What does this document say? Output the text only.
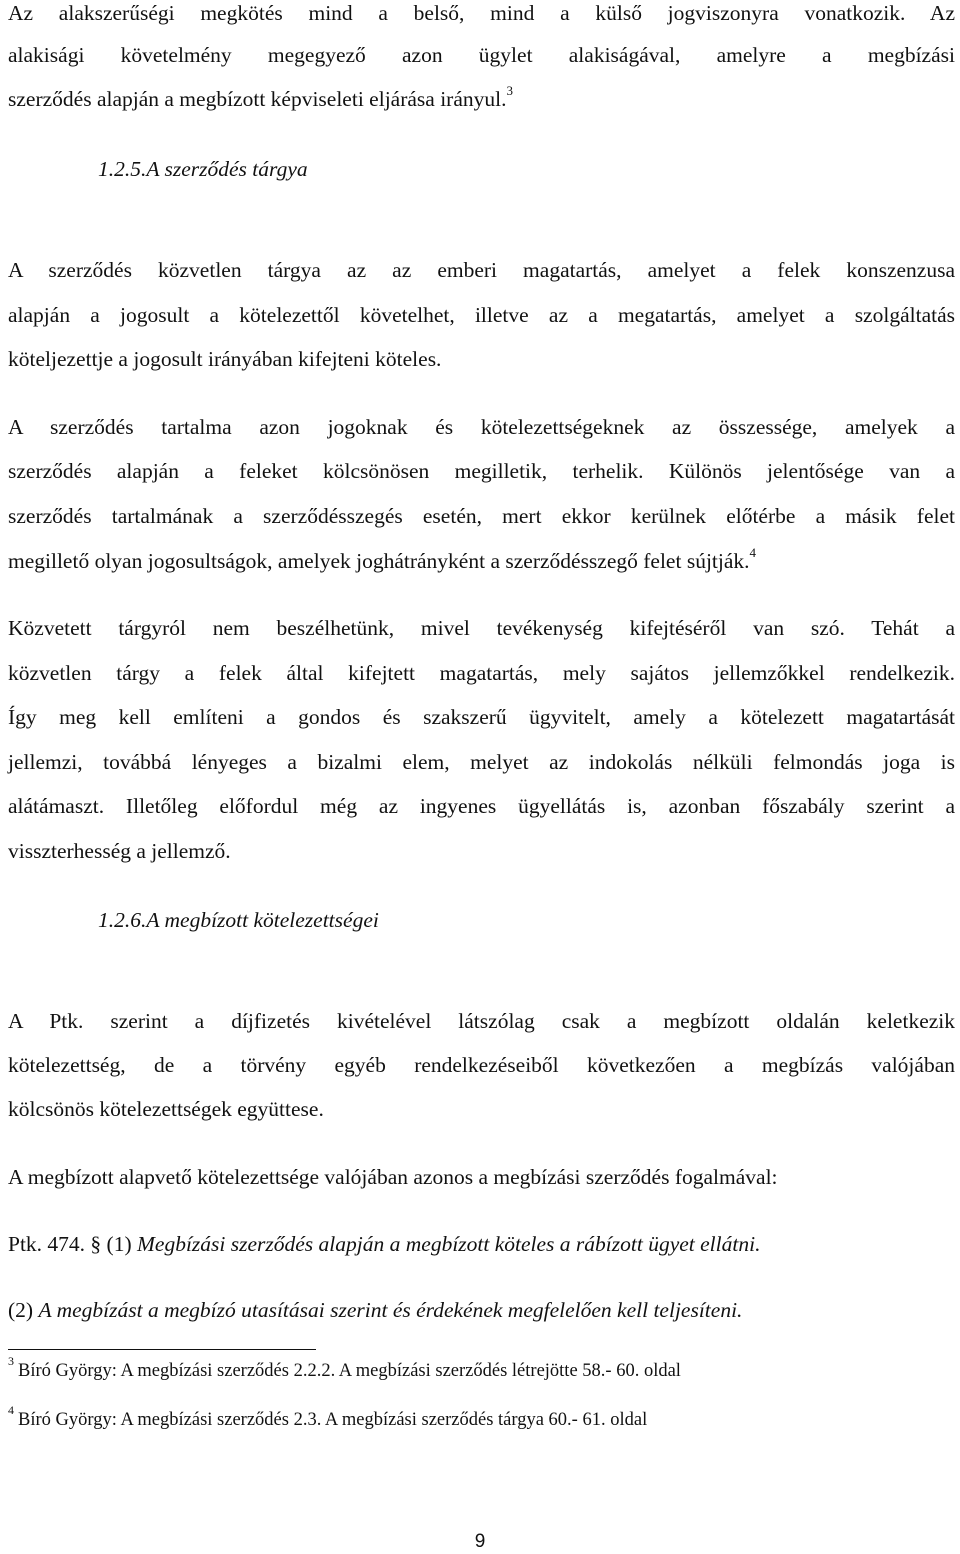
Az alakszerűségi megkötés mind a belső, mind a külső jogviszonyra vonatkozik. Az
alakisági követelmény megegyező azon ügylet alakiságával, amelyre a megbízási
szerződés alapján a megbízott képviseleti eljárása irányul.$^3$
1.2.5.A szerződés tárgya
A szerződés közvetlen tárgya az az emberi magatartás, amelyet a felek konszenzusa
alapján a jogosult a kötelezettől követelhet, illetve az a megatartás, amelyet a szolgáltatás
köteljezettje a jogosult irányában kifejteni köteles.
A szerződés tartalma azon jogoknak és kötelezettségeknek az összessége, amelyek a
szerződés alapján a feleket kölcsönösen megilletik, terhelik. Különös jelentősége van a
szerződés tartalmának a szerződésszegés esetén, mert ekkor kerülnek előtérbe a másik felet
megillető olyan jogosultságok, amelyek joghátrányként a szerződésszegő felet sújtják.$^4$
Közvetett tárgyról nem beszélhetünk, mivel tevékenység kifejtéséről van szó. Tehát a
közvetlen tárgy a felek által kifejtett magatartás, mely sajátos jellemzőkkel rendelkezik.
Így meg kell említeni a gondos és szakszerű ügyvitelt, amely a kötelezett magatartását
jellemzi, továbbá lényeges a bizalmi elem, melyet az indokolás nélküli felmondás joga is
alátámaszt. Illetőleg előfordul még az ingyenes ügyellátás is, azonban főszabály szerint a
visszterhesség a jellemző.
1.2.6.A megbízott kötelezettségei
A Ptk. szerint a díjfizetés kivételével látszólag csak a megbízott oldalán keletkezik
kötelezettség, de a törvény egyéb rendelkezéseiből következően a megbízás valójában
kölcsönös kötelezettségek együttese.
A megbízott alapvető kötelezettsége valójában azonos a megbízási szerződés fogalmával:
Ptk. 474. § (1) Megbízási szerződés alapján a megbízott köteles a rábízott ügyet ellátni.
(2) A megbízást a megbízó utasításai szerint és érdekének megfelelően kell teljesíteni.
$^3$Bíró György: A megbízási szerződés 2.2.2. A megbízási szerződés létrejötte 58.- 60. oldal
$^4$Bíró György: A megbízási szerződés 2.3. A megbízási szerződés tárgya 60.- 61. oldal
9
